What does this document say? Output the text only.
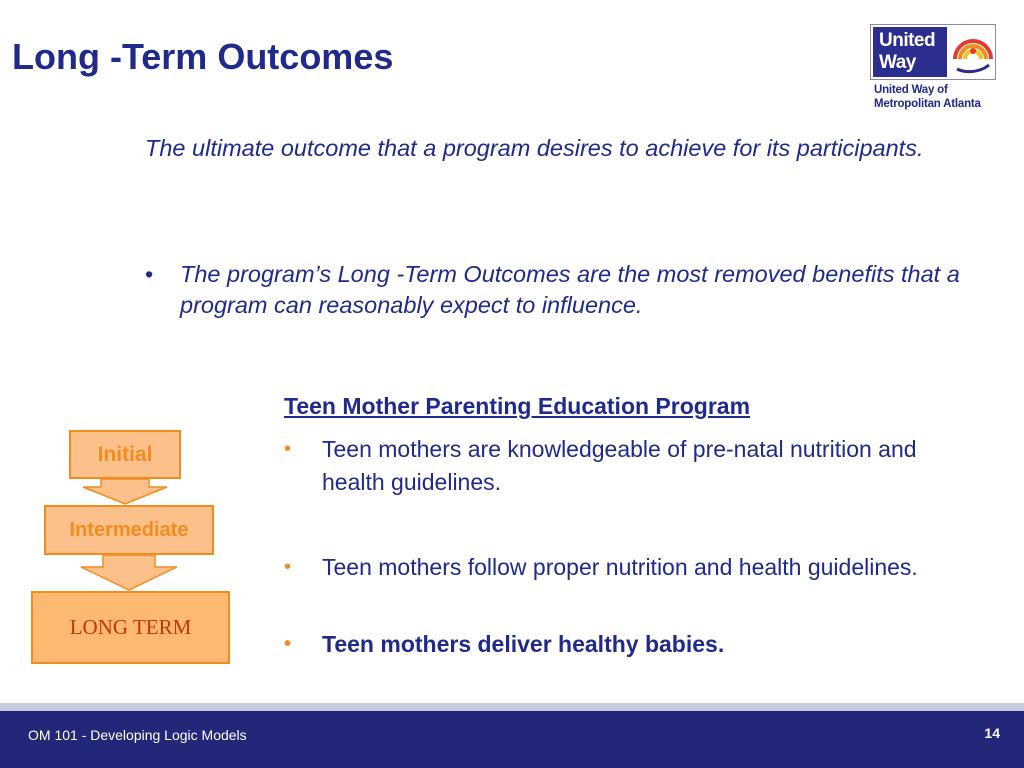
Long -Term Outcomes	United
Way
United Way of
Metropolitan Atlanta
The ultimate outcome that a program desires to achieve for its participants.
• The program’s Long -Term Outcomes are the most removed benefits that a program can reasonably expect to influence.
Teen Mother Parenting Education Program
• Teen mothers are knowledgeable of pre-natal nutrition and health guidelines.
• Teen mothers follow proper nutrition and health guidelines.
• Teen mothers deliver healthy babies.
Initial
Intermediate
LONG TERM
OM 101 - Developing Logic Models	14
